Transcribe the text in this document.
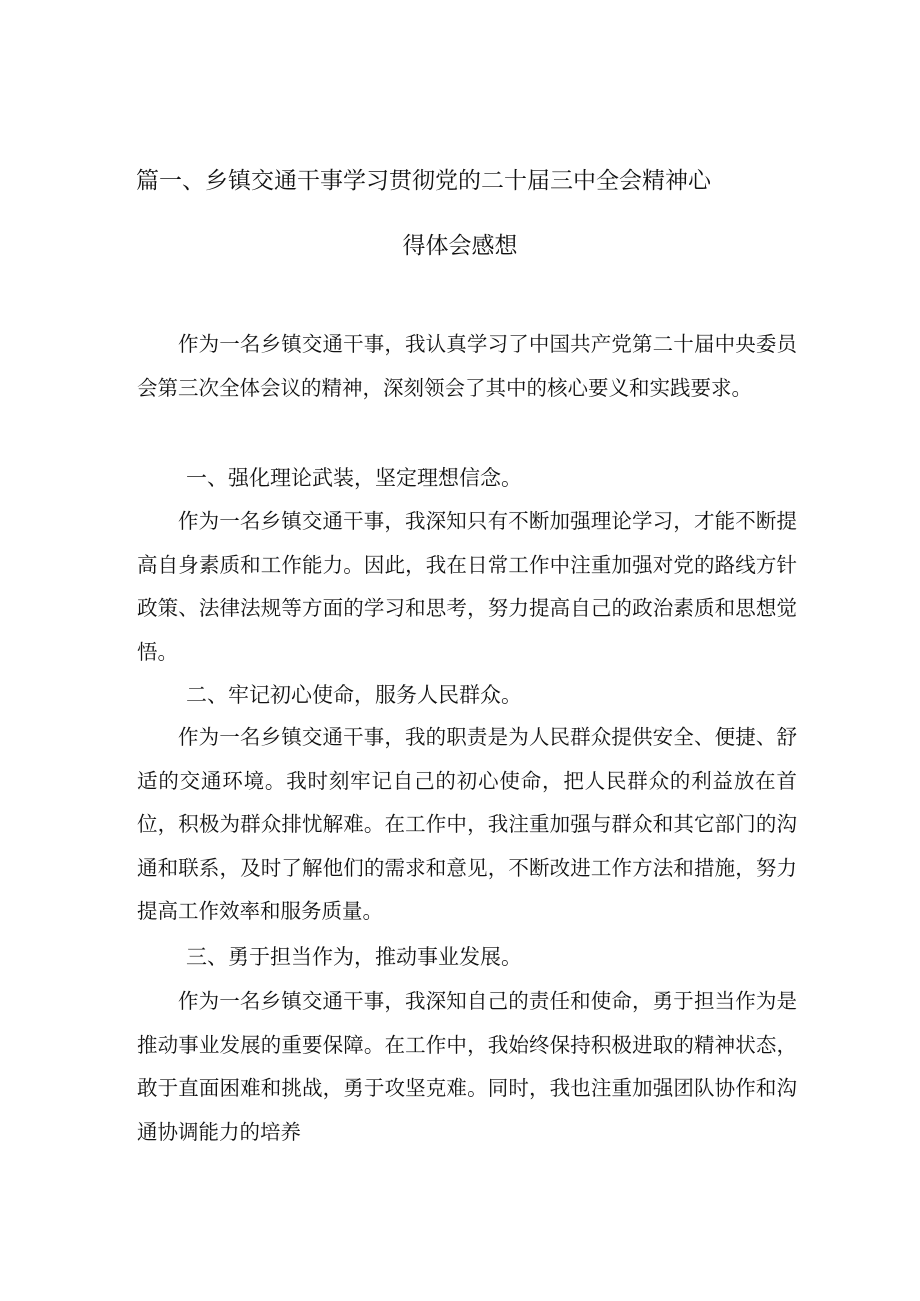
篇一、乡镇交通干事学习贯彻党的二十届三中全会精神心
得体会感想
作为一名乡镇交通干事，我认真学习了中国共产党第二十届中央委员会第三次全体会议的精神，深刻领会了其中的核心要义和实践要求。
一、强化理论武装，坚定理想信念。
作为一名乡镇交通干事，我深知只有不断加强理论学习，才能不断提高自身素质和工作能力。因此，我在日常工作中注重加强对党的路线方针政策、法律法规等方面的学习和思考，努力提高自己的政治素质和思想觉悟。
二、牢记初心使命，服务人民群众。
作为一名乡镇交通干事，我的职责是为人民群众提供安全、便捷、舒适的交通环境。我时刻牢记自己的初心使命，把人民群众的利益放在首位，积极为群众排忧解难。在工作中，我注重加强与群众和其它部门的沟通和联系，及时了解他们的需求和意见，不断改进工作方法和措施，努力提高工作效率和服务质量。
三、勇于担当作为，推动事业发展。
作为一名乡镇交通干事，我深知自己的责任和使命，勇于担当作为是推动事业发展的重要保障。在工作中，我始终保持积极进取的精神状态，敢于直面困难和挑战，勇于攻坚克难。同时，我也注重加强团队协作和沟通协调能力的培养
